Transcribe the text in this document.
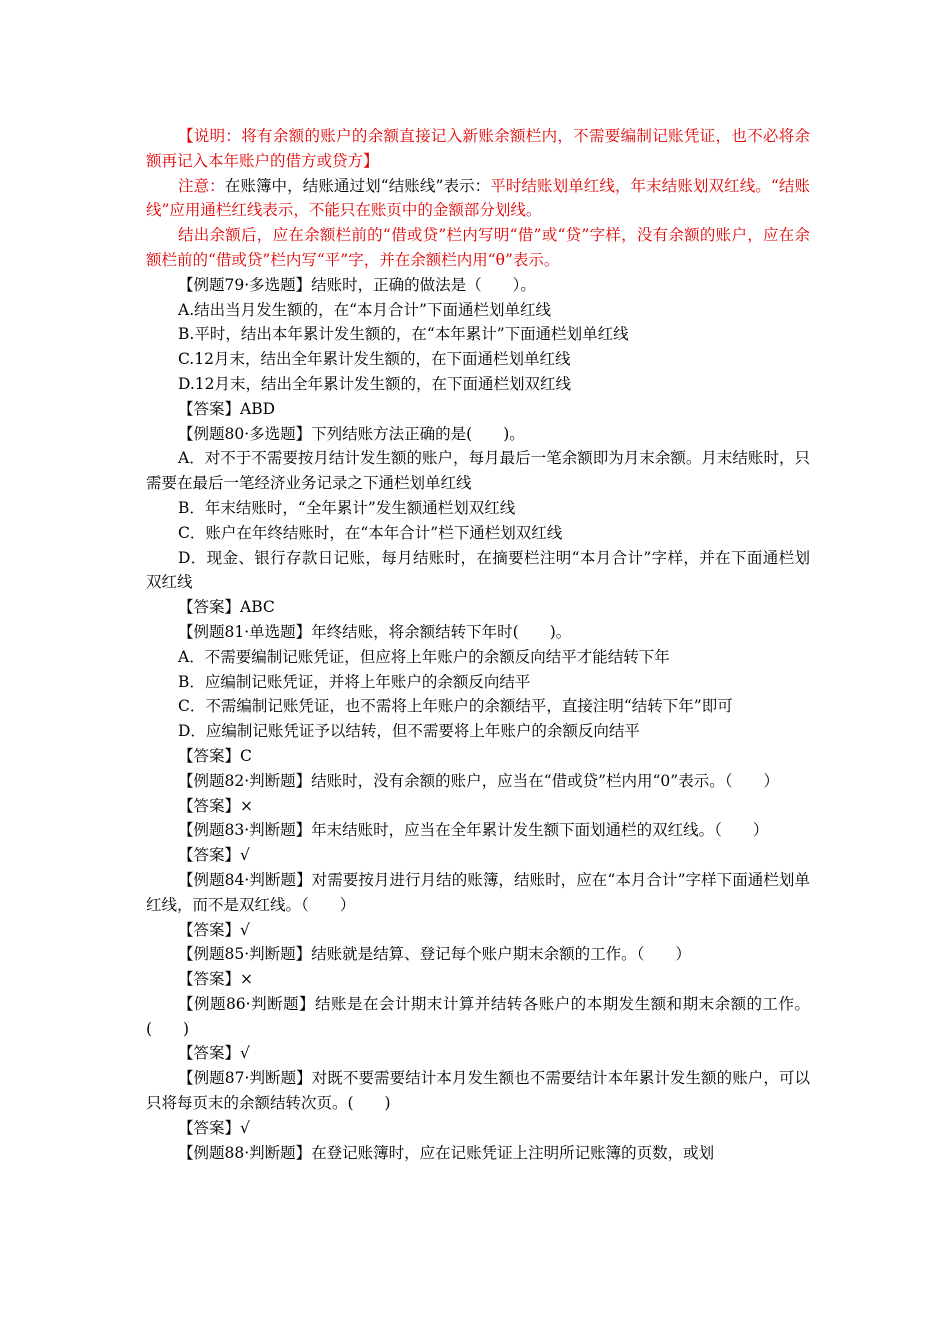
【说明：将有余额的账户的余额直接记入新账余额栏内，不需要编制记账凭证，也不必将余额再记入本年账户的借方或贷方】

注意：在账簿中，结账通过划“结账线”表示：平时结账划单红线，年末结账划双红线。“结账线”应用通栏红线表示，不能只在账页中的金额部分划线。

结出余额后，应在余额栏前的“借或贷”栏内写明“借”或“贷”字样，没有余额的账户，应在余额栏前的“借或贷”栏内写“平”字，并在余额栏内用“θ”表示。

【例题79·多选题】结账时，正确的做法是（　　）。

A.结出当月发生额的，在“本月合计”下面通栏划单红线

B.平时，结出本年累计发生额的，在“本年累计”下面通栏划单红线

C.12月末，结出全年累计发生额的，在下面通栏划单红线

D.12月末，结出全年累计发生额的，在下面通栏划双红线

【答案】ABD

【例题80·多选题】下列结账方法正确的是(　　)。

A．对不于不需要按月结计发生额的账户，每月最后一笔余额即为月末余额。月末结账时，只需要在最后一笔经济业务记录之下通栏划单红线

B．年末结账时，“全年累计”发生额通栏划双红线

C．账户在年终结账时，在“本年合计”栏下通栏划双红线

D．现金、银行存款日记账，每月结账时，在摘要栏注明“本月合计”字样，并在下面通栏划双红线

【答案】ABC

【例题81·单选题】年终结账，将余额结转下年时(　　)。

A．不需要编制记账凭证，但应将上年账户的余额反向结平才能结转下年

B．应编制记账凭证，并将上年账户的余额反向结平

C．不需编制记账凭证，也不需将上年账户的余额结平，直接注明“结转下年”即可

D．应编制记账凭证予以结转，但不需要将上年账户的余额反向结平

【答案】C

【例题82·判断题】结账时，没有余额的账户，应当在“借或贷”栏内用“0”表示。（　　）

【答案】×

【例题83·判断题】年末结账时，应当在全年累计发生额下面划通栏的双红线。（　　）

【答案】√

【例题84·判断题】对需要按月进行月结的账簿，结账时，应在“本月合计”字样下面通栏划单红线，而不是双红线。（　　）

【答案】√

【例题85·判断题】结账就是结算、登记每个账户期末余额的工作。（　　）

【答案】×

【例题86·判断题】结账是在会计期末计算并结转各账户的本期发生额和期末余额的工作。(　　)

【答案】√

【例题87·判断题】对既不要需要结计本月发生额也不需要结计本年累计发生额的账户，可以只将每页末的余额结转次页。(　　)

【答案】√

【例题88·判断题】在登记账簿时，应在记账凭证上注明所记账簿的页数，或划
